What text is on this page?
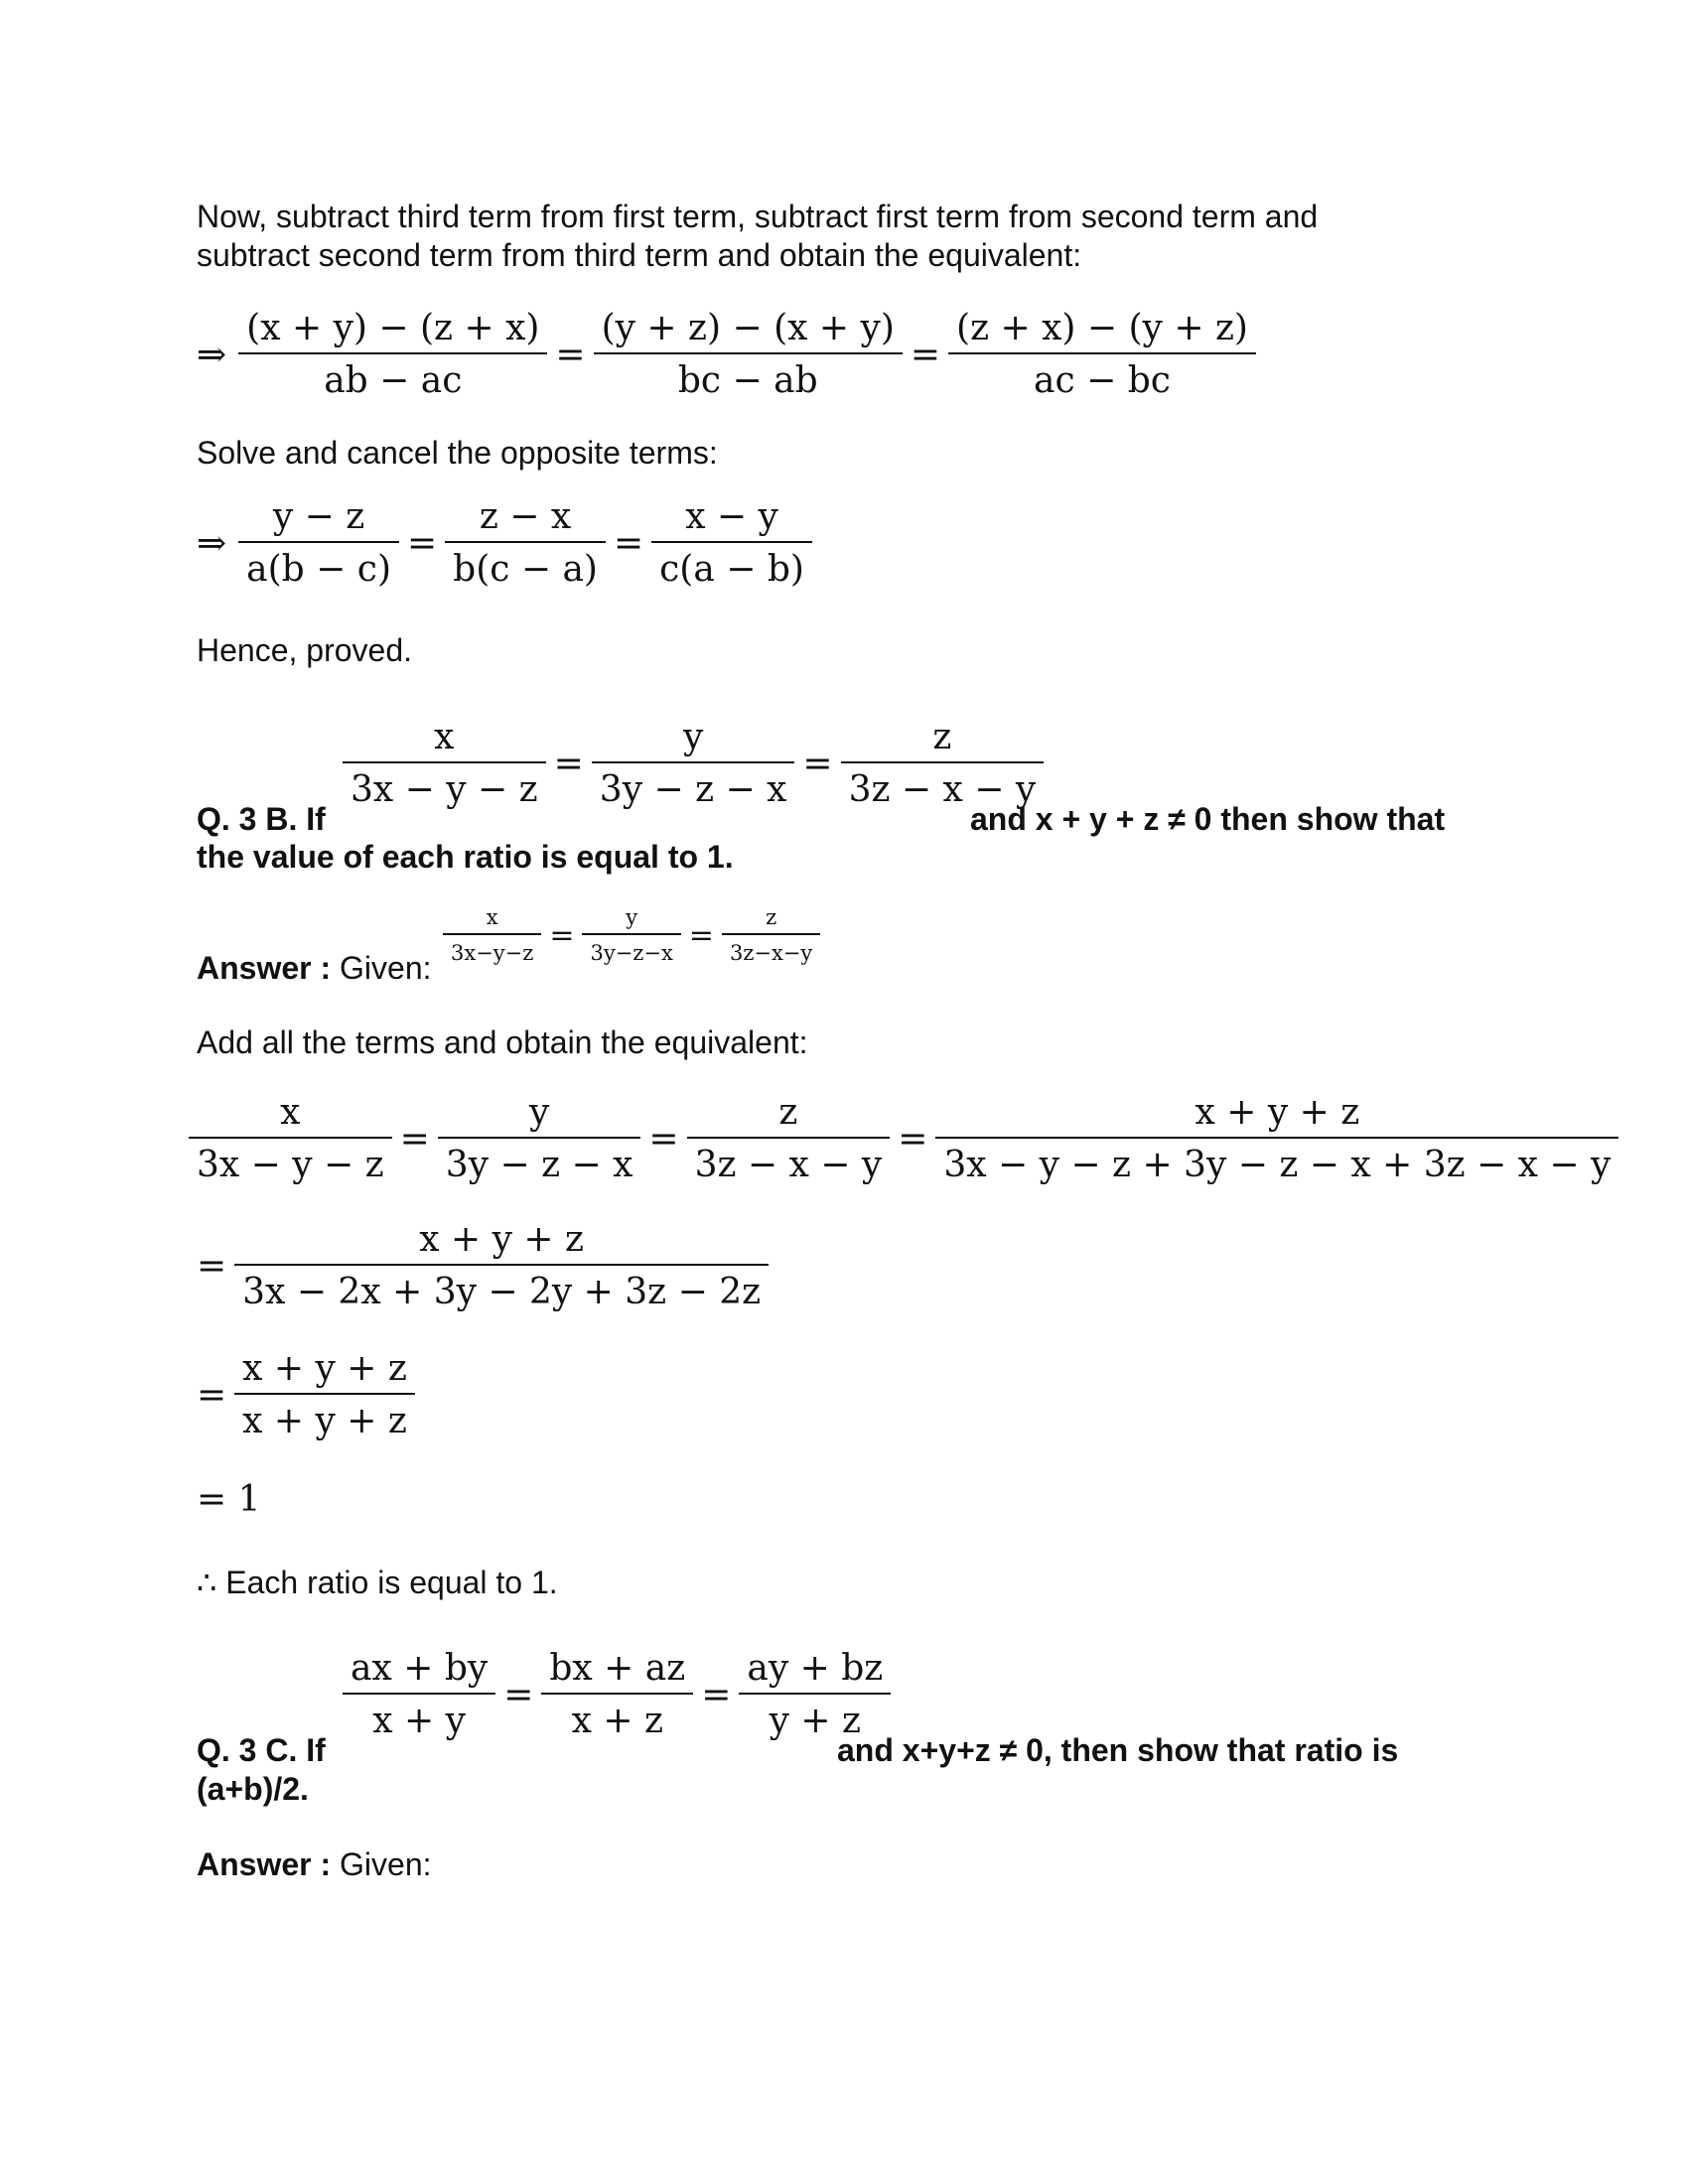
Now, subtract third term from first term, subtract first term from second term and
subtract second term from third term and obtain the equivalent:
⇒ $\frac{(x + y) - (z + x)}{ab - ac} = \frac{(y + z) - (x + y)}{bc - ab} = \frac{(z + x) - (y + z)}{ac - bc}$
Solve and cancel the opposite terms:
⇒ $\frac{y - z}{a(b - c)} = \frac{z - x}{b(c - a)} = \frac{x - y}{c(a - b)}$
Hence, proved.
Q. 3 B. If
$\frac{x}{3x - y - z} = \frac{y}{3y - z - x} = \frac{z}{3z - x - y}$
and x + y + z ≠ 0 then show that
the value of each ratio is equal to 1.
Answer : Given:
$\frac{x}{3x-y-z} = \frac{y}{3y-z-x} = \frac{z}{3z-x-y}$
Add all the terms and obtain the equivalent:
$\frac{x}{3x - y - z} = \frac{y}{3y - z - x} = \frac{z}{3z - x - y} = \frac{x + y + z}{3x - y - z + 3y - z - x + 3z - x - y}$
= $\frac{x + y + z}{3x - 2x + 3y - 2y + 3z - 2z}$
= $\frac{x + y + z}{x + y + z}$
= 1
∴ Each ratio is equal to 1.
Q. 3 C. If
$\frac{ax + by}{x + y} = \frac{bx + az}{x + z} = \frac{ay + bz}{y + z}$
and x+y+z ≠ 0, then show that ratio is
(a+b)/2.
Answer : Given:
